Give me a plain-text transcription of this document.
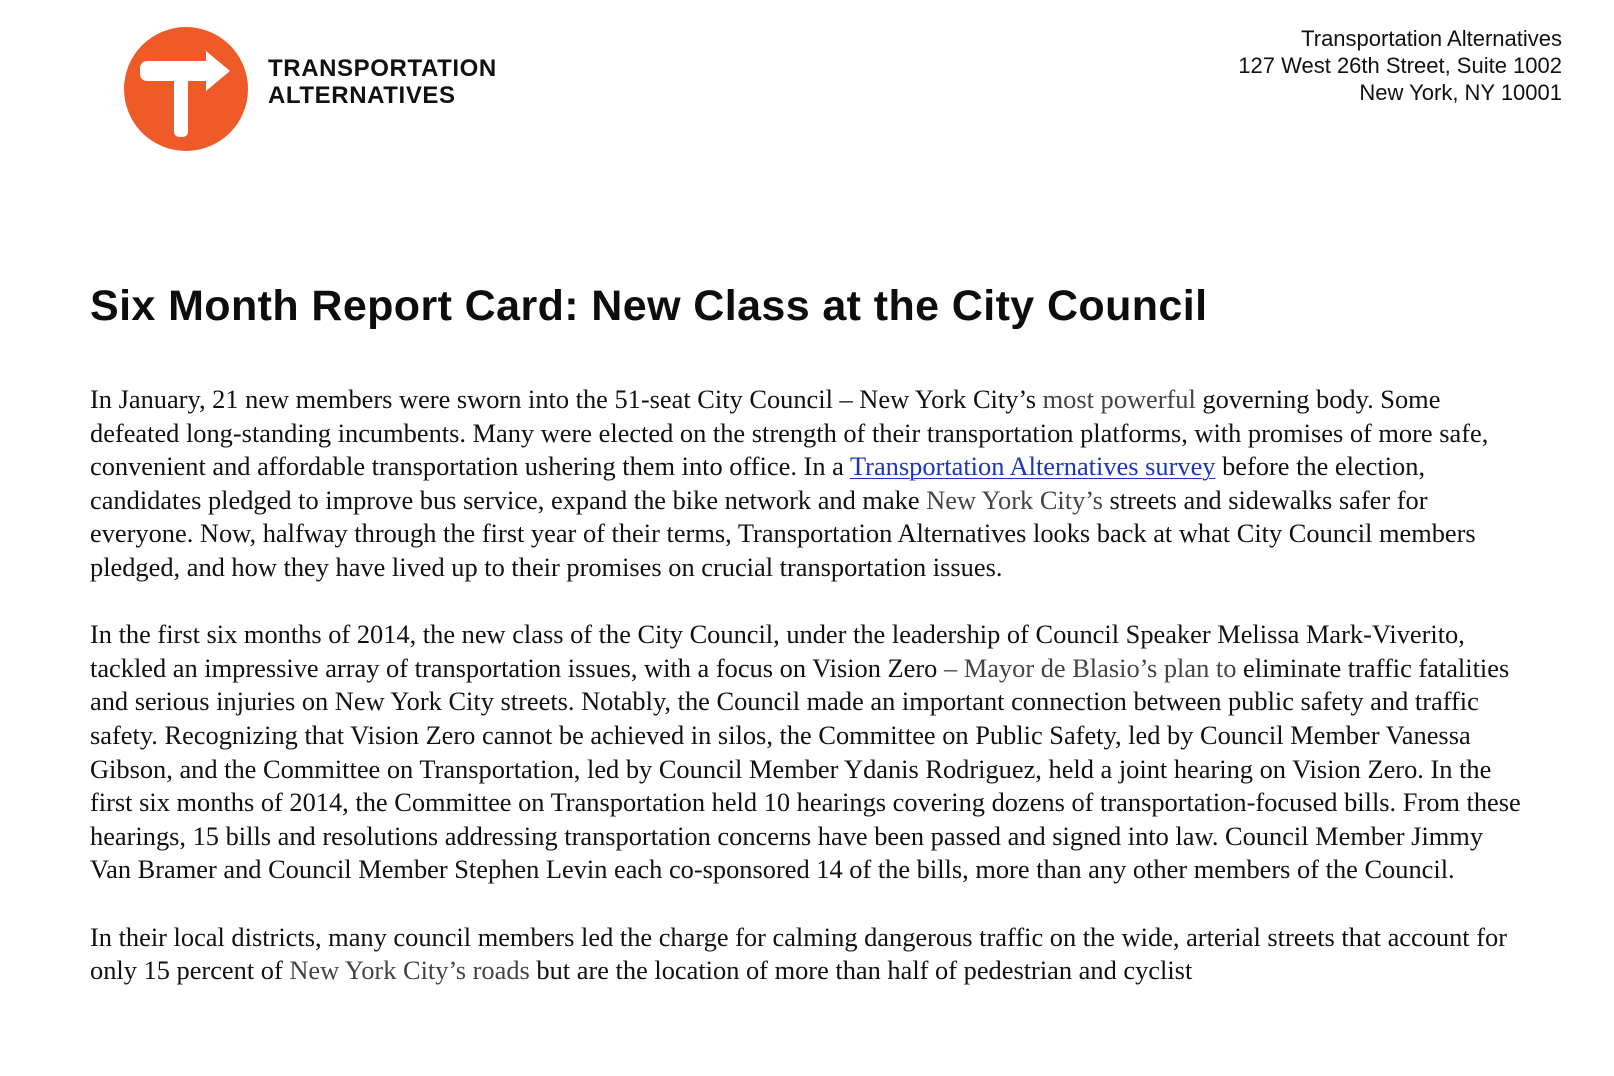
TRANSPORTATION
ALTERNATIVES
Transportation Alternatives
127 West 26th Street, Suite 1002
New York, NY 10001
Six Month Report Card: New Class at the City Council

In January, 21 new members were sworn into the 51-seat City Council – New York City’s most powerful governing body. Some defeated long-standing incumbents. Many were elected on the strength of their transportation platforms, with promises of more safe, convenient and affordable transportation ushering them into office. In a Transportation Alternatives survey before the election, candidates pledged to improve bus service, expand the bike network and make New York City’s streets and sidewalks safer for everyone. Now, halfway through the first year of their terms, Transportation Alternatives looks back at what City Council members pledged, and how they have lived up to their promises on crucial transportation issues.

In the first six months of 2014, the new class of the City Council, under the leadership of Council Speaker Melissa Mark-Viverito, tackled an impressive array of transportation issues, with a focus on Vision Zero – Mayor de Blasio’s plan to eliminate traffic fatalities and serious injuries on New York City streets. Notably, the Council made an important connection between public safety and traffic safety. Recognizing that Vision Zero cannot be achieved in silos, the Committee on Public Safety, led by Council Member Vanessa Gibson, and the Committee on Transportation, led by Council Member Ydanis Rodriguez, held a joint hearing on Vision Zero. In the first six months of 2014, the Committee on Transportation held 10 hearings covering dozens of transportation-focused bills. From these hearings, 15 bills and resolutions addressing transportation concerns have been passed and signed into law. Council Member Jimmy Van Bramer and Council Member Stephen Levin each co-sponsored 14 of the bills, more than any other members of the Council.

In their local districts, many council members led the charge for calming dangerous traffic on the wide, arterial streets that account for only 15 percent of New York City’s roads but are the location of more than half of pedestrian and cyclist
